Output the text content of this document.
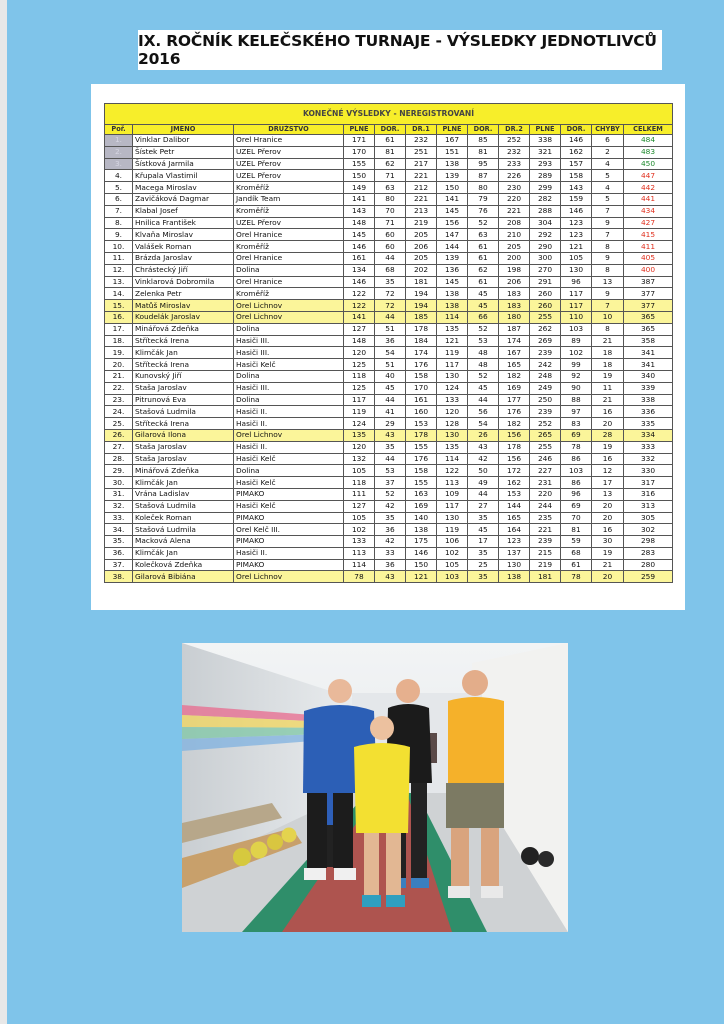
IX. ROČNÍK KELEČSKÉHO TURNAJE - VÝSLEDKY JEDNOTLIVCŮ 2016
KONEČNÉ VÝSLEDKY - NEREGISTROVANÍ												
Poř.	JMÉNO	DRUŽSTVO	PLNÉ	DOR.	DR.1	PLNÉ	DOR.	DR.2	PLNÉ	DOR.	CHYBY	CELKEM
1.	Vinklar Dalibor	Orel Hranice	171	61	232	167	85	252	338	146	6	484
2.	Šístek Petr	UZEL Přerov	170	81	251	151	81	232	321	162	2	483
3.	Šístková Jarmila	UZEL Přerov	155	62	217	138	95	233	293	157	4	450
4.	Křupala Vlastimil	UZEL Přerov	150	71	221	139	87	226	289	158	5	447
5.	Macega Miroslav	Kroměříž	149	63	212	150	80	230	299	143	4	442
6.	Zavičáková Dagmar	Jandík Team	141	80	221	141	79	220	282	159	5	441
7.	Klabal Josef	Kroměříž	143	70	213	145	76	221	288	146	7	434
8.	Hnilica František	UZEL Přerov	148	71	219	156	52	208	304	123	9	427
9.	Klvaňa Miroslav	Orel Hranice	145	60	205	147	63	210	292	123	7	415
10.	Valášek Roman	Kroměříž	146	60	206	144	61	205	290	121	8	411
11.	Brázda Jaroslav	Orel Hranice	161	44	205	139	61	200	300	105	9	405
12.	Chrástecký Jiří	Dolina	134	68	202	136	62	198	270	130	8	400
13.	Vinklarová Dobromila	Orel Hranice	146	35	181	145	61	206	291	96	13	387
14.	Zelenka Petr	Kroměříž	122	72	194	138	45	183	260	117	9	377
15.	Matůš Miroslav	Orel Lichnov	122	72	194	138	45	183	260	117	7	377
16.	Koudelák Jaroslav	Orel Lichnov	141	44	185	114	66	180	255	110	10	365
17.	Minářová Zdeňka	Dolina	127	51	178	135	52	187	262	103	8	365
18.	Střítecká Irena	Hasiči III.	148	36	184	121	53	174	269	89	21	358
19.	Klimčák Jan	Hasiči III.	120	54	174	119	48	167	239	102	18	341
20.	Střítecká Irena	Hasiči Kelč	125	51	176	117	48	165	242	99	18	341
21.	Kunovský Jiří	Dolina	118	40	158	130	52	182	248	92	19	340
22.	Staša Jaroslav	Hasiči III.	125	45	170	124	45	169	249	90	11	339
23.	Pitrunová Eva	Dolina	117	44	161	133	44	177	250	88	21	338
24.	Stašová Ludmila	Hasiči II.	119	41	160	120	56	176	239	97	16	336
25.	Střítecká Irena	Hasiči II.	124	29	153	128	54	182	252	83	20	335
26.	Gilarová Ilona	Orel Lichnov	135	43	178	130	26	156	265	69	28	334
27.	Staša Jaroslav	Hasiči II.	120	35	155	135	43	178	255	78	19	333
28.	Staša Jaroslav	Hasiči Kelč	132	44	176	114	42	156	246	86	16	332
29.	Minářová Zdeňka	Dolina	105	53	158	122	50	172	227	103	12	330
30.	Klimčák Jan	Hasiči Kelč	118	37	155	113	49	162	231	86	17	317
31.	Vrána Ladislav	PIMAKO	111	52	163	109	44	153	220	96	13	316
32.	Stašová Ludmila	Hasiči Kelč	127	42	169	117	27	144	244	69	20	313
33.	Koleček Roman	PIMAKO	105	35	140	130	35	165	235	70	20	305
34.	Stašová Ludmila	Orel Kelč III.	102	36	138	119	45	164	221	81	16	302
35.	Macková Alena	PIMAKO	133	42	175	106	17	123	239	59	30	298
36.	Klimčák Jan	Hasiči II.	113	33	146	102	35	137	215	68	19	283
37.	Kolečková Zdeňka	PIMAKO	114	36	150	105	25	130	219	61	21	280
38.	Gilarová Bibiána	Orel Lichnov	78	43	121	103	35	138	181	78	20	259
